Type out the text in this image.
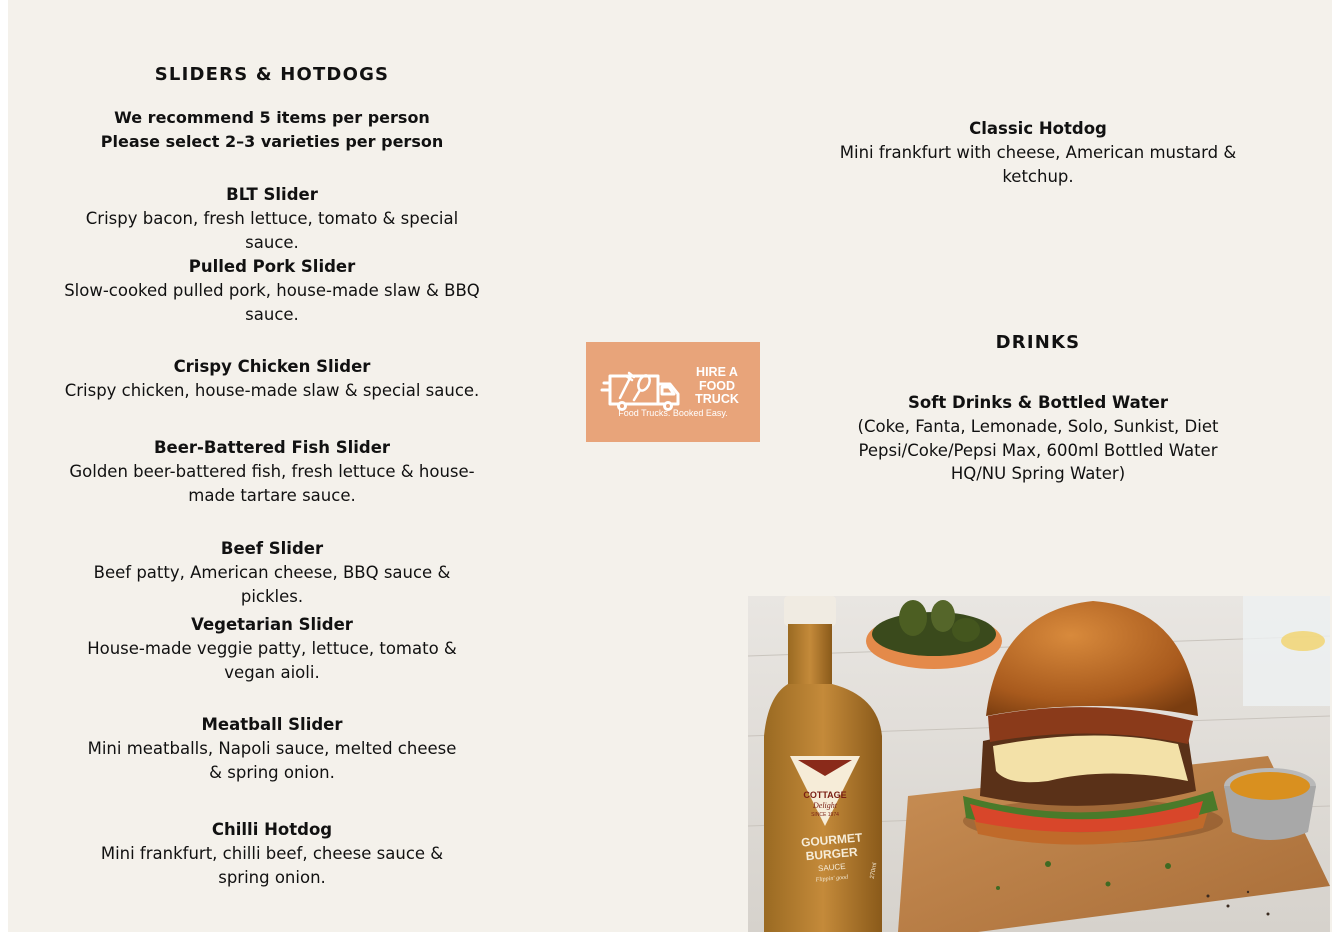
SLIDERS & HOTDOGS

We recommend 5 items per person

Please select 2–3 varieties per person

BLT Slider
Crispy bacon, fresh lettuce, tomato & special sauce.
Pulled Pork Slider
Slow-cooked pulled pork, house-made slaw & BBQ sauce.
Crispy Chicken Slider
Crispy chicken, house-made slaw & special sauce.
Beer-Battered Fish Slider
Golden beer-battered fish, fresh lettuce & house-made tartare sauce.
Beef Slider
Beef patty, American cheese, BBQ sauce & pickles.
Vegetarian Slider
House-made veggie patty, lettuce, tomato & vegan aioli.
Meatball Slider
Mini meatballs, Napoli sauce, melted cheese & spring onion.
Chilli Hotdog
Mini frankfurt, chilli beef, cheese sauce & spring onion.
HIRE A
FOOD
TRUCK
Food Trucks. Booked Easy.
Classic Hotdog
Mini frankfurt with cheese, American mustard & ketchup.
DRINKS
Soft Drinks & Bottled Water
(Coke, Fanta, Lemonade, Solo, Sunkist, Diet Pepsi/Coke/Pepsi Max, 600ml Bottled Water HQ/NU Spring Water)
COTTAGE
Delight
SINCE 1974
GOURMET
BURGER
SAUCE
Flippin' good	270ml
